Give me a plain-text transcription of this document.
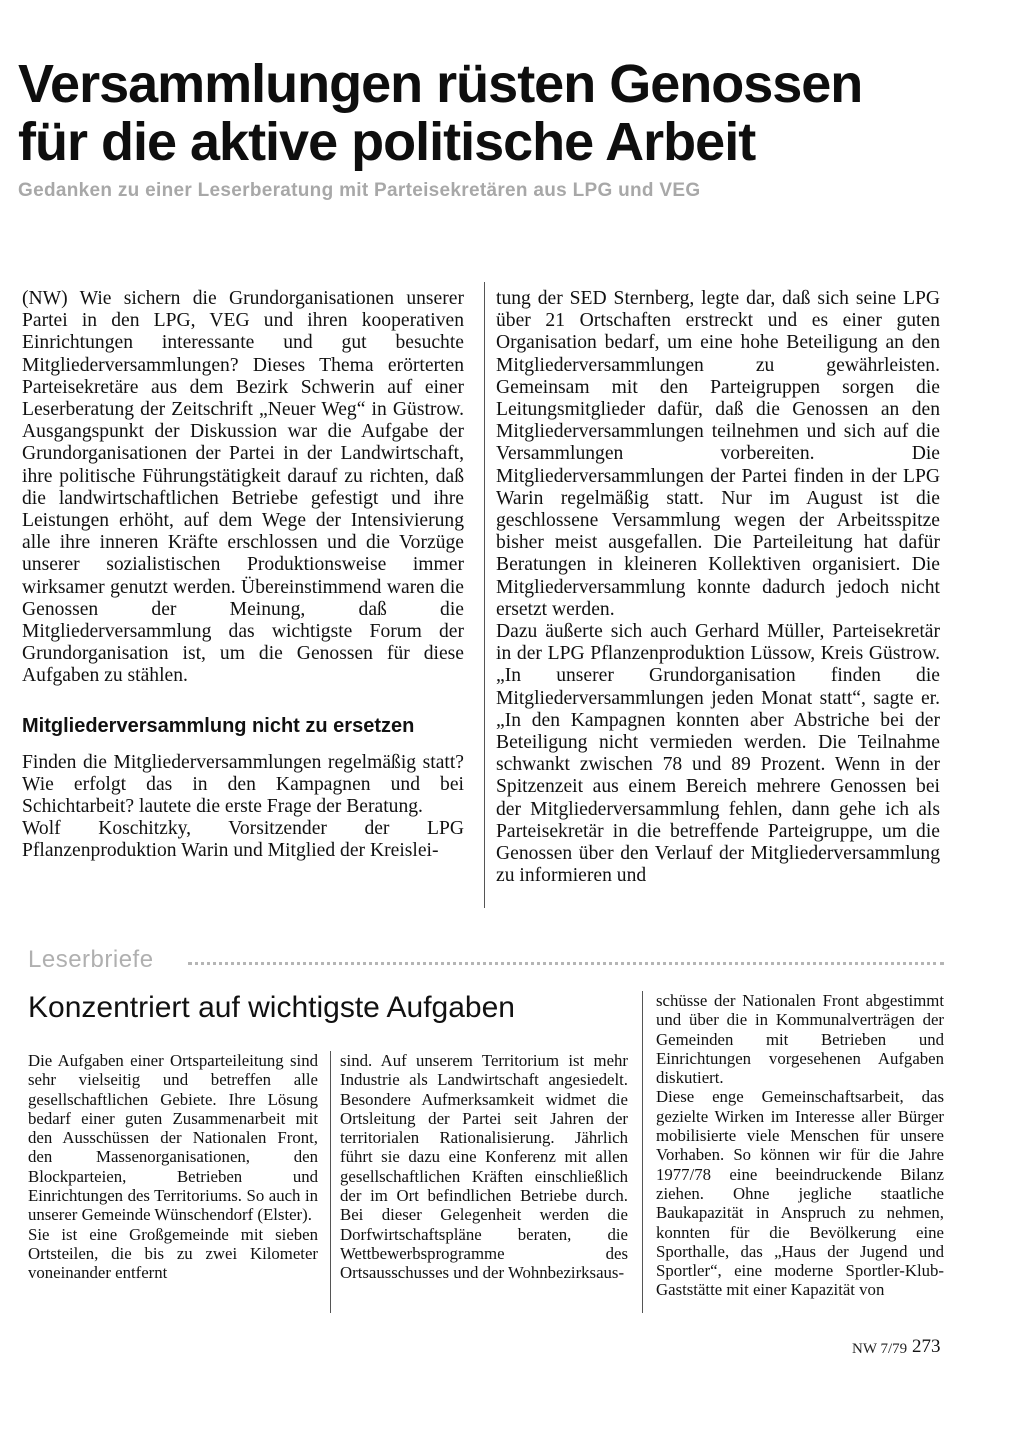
Versammlungen rüsten Genossen
für die aktive politische Arbeit
Gedanken zu einer Leserberatung mit Parteisekretären aus LPG und VEG

(NW) Wie sichern die Grundorganisationen unserer Partei in den LPG, VEG und ihren kooperativen Einrichtungen interessante und gut besuchte Mitgliederversammlungen? Dieses Thema erörterten Parteisekretäre aus dem Bezirk Schwerin auf einer Leserberatung der Zeitschrift „Neuer Weg“ in Güstrow. Ausgangspunkt der Diskussion war die Aufgabe der Grundorganisationen der Partei in der Landwirtschaft, ihre politische Führungstätigkeit darauf zu richten, daß die landwirtschaftlichen Betriebe gefestigt und ihre Leistungen erhöht, auf dem Wege der Intensivierung alle ihre inneren Kräfte erschlossen und die Vorzüge unserer sozialistischen Produktionsweise immer wirksamer genutzt werden. Übereinstimmend waren die Genossen der Meinung, daß die Mitgliederversammlung das wichtigste Forum der Grundorganisation ist, um die Genossen für diese Aufgaben zu stählen.

Mitgliederversammlung nicht zu ersetzen

Finden die Mitgliederversammlungen regelmäßig statt? Wie erfolgt das in den Kampagnen und bei Schichtarbeit? lautete die erste Frage der Beratung.

Wolf Koschitzky, Vorsitzender der LPG Pflanzenproduktion Warin und Mitglied der Kreislei-

tung der SED Sternberg, legte dar, daß sich seine LPG über 21 Ortschaften erstreckt und es einer guten Organisation bedarf, um eine hohe Beteiligung an den Mitgliederversammlungen zu gewährleisten. Gemeinsam mit den Parteigruppen sorgen die Leitungsmitglieder dafür, daß die Genossen an den Mitgliederversammlungen teilnehmen und sich auf die Versammlungen vorbereiten. Die Mitgliederversammlungen der Partei finden in der LPG Warin regelmäßig statt. Nur im August ist die geschlossene Versammlung wegen der Arbeitsspitze bisher meist ausgefallen. Die Parteileitung hat dafür Beratungen in kleineren Kollektiven organisiert. Die Mitgliederversammlung konnte dadurch jedoch nicht ersetzt werden.

Dazu äußerte sich auch Gerhard Müller, Parteisekretär in der LPG Pflanzenproduktion Lüssow, Kreis Güstrow. „In unserer Grundorganisation finden die Mitgliederversammlungen jeden Monat statt“, sagte er. „In den Kampagnen konnten aber Abstriche bei der Beteiligung nicht vermieden werden. Die Teilnahme schwankt zwischen 78 und 89 Prozent. Wenn in der Spitzenzeit aus einem Bereich mehrere Genossen bei der Mitgliederversammlung fehlen, dann gehe ich als Parteisekretär in die betreffende Parteigruppe, um die Genossen über den Verlauf der Mitgliederversammlung zu informieren und

Leserbriefe
Konzentriert auf wichtigste Aufgaben

Die Aufgaben einer Ortsparteileitung sind sehr vielseitig und betreffen alle gesellschaftlichen Gebiete. Ihre Lösung bedarf einer guten Zusammenarbeit mit den Ausschüssen der Nationalen Front, den Massenorganisationen, den Blockparteien, Betrieben und Einrichtungen des Territoriums. So auch in unserer Gemeinde Wünschendorf (Elster).

Sie ist eine Großgemeinde mit sieben Ortsteilen, die bis zu zwei Kilometer voneinander entfernt

sind. Auf unserem Territorium ist mehr Industrie als Landwirtschaft angesiedelt. Besondere Aufmerksamkeit widmet die Ortsleitung der Partei seit Jahren der territorialen Rationalisierung. Jährlich führt sie dazu eine Konferenz mit allen gesellschaftlichen Kräften einschließlich der im Ort befindlichen Betriebe durch. Bei dieser Gelegenheit werden die Dorfwirtschaftspläne beraten, die Wettbewerbsprogramme des Ortsausschusses und der Wohnbezirksaus-

schüsse der Nationalen Front abgestimmt und über die in Kommunalverträgen der Gemeinden mit Betrieben und Einrichtungen vorgesehenen Aufgaben diskutiert.

Diese enge Gemeinschaftsarbeit, das gezielte Wirken im Interesse aller Bürger mobilisierte viele Menschen für unsere Vorhaben. So können wir für die Jahre 1977/78 eine beeindruckende Bilanz ziehen. Ohne jegliche staatliche Baukapazität in Anspruch zu nehmen, konnten für die Bevölkerung eine Sporthalle, das „Haus der Jugend und Sportler“, eine moderne Sportler-Klub-Gaststätte mit einer Kapazität von

NW 7/79 273
